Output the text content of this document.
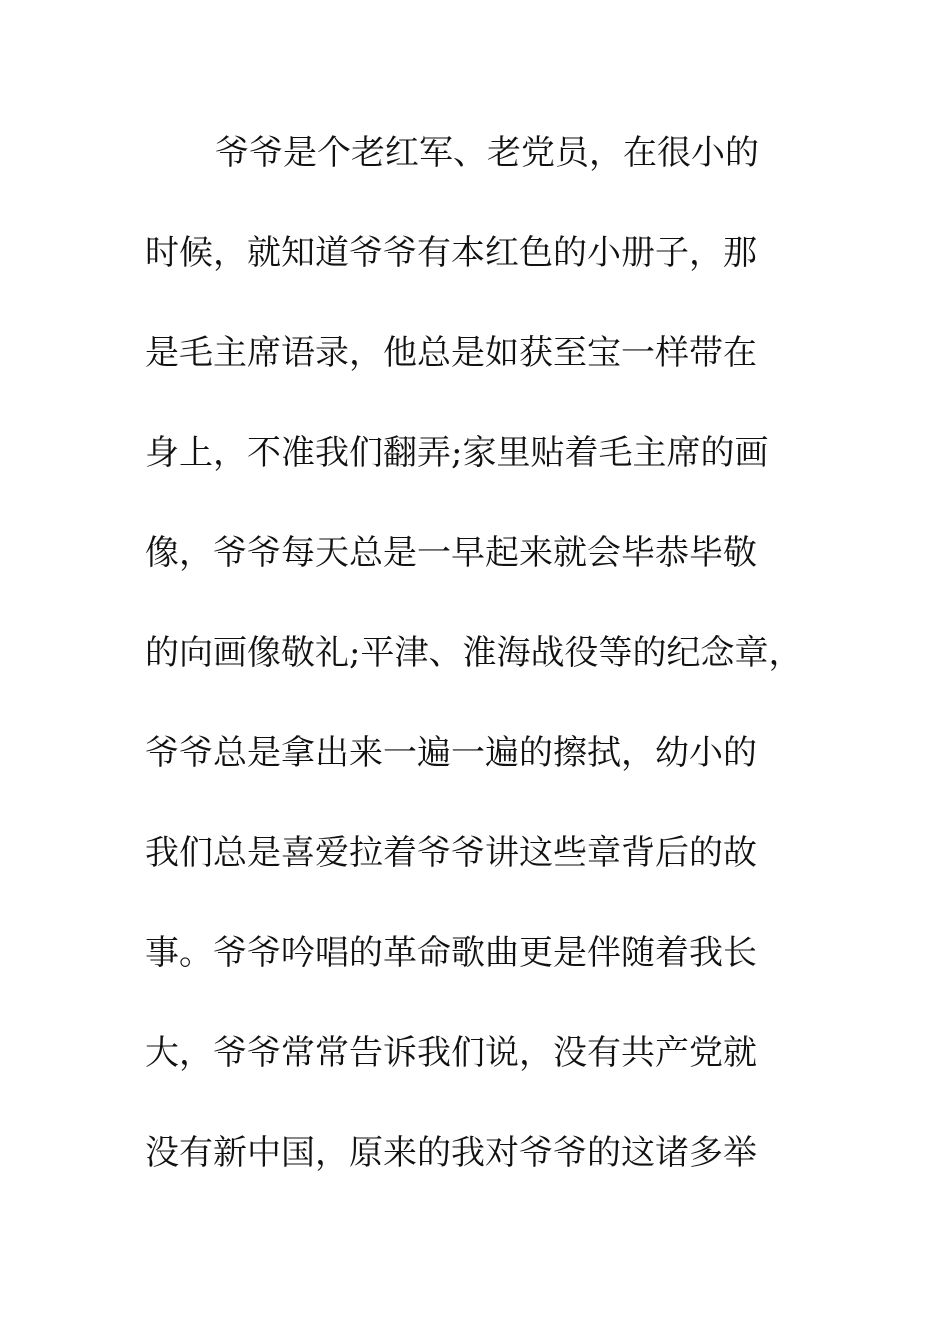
爷爷是个老红军、老党员，在很小的
时候，就知道爷爷有本红色的小册子，那
是毛主席语录，他总是如获至宝一样带在
身上，不准我们翻弄;家里贴着毛主席的画
像，爷爷每天总是一早起来就会毕恭毕敬
的向画像敬礼;平津、淮海战役等的纪念章，
爷爷总是拿出来一遍一遍的擦拭，幼小的
我们总是喜爱拉着爷爷讲这些章背后的故
事。爷爷吟唱的革命歌曲更是伴随着我长
大，爷爷常常告诉我们说，没有共产党就
没有新中国，原来的我对爷爷的这诸多举
